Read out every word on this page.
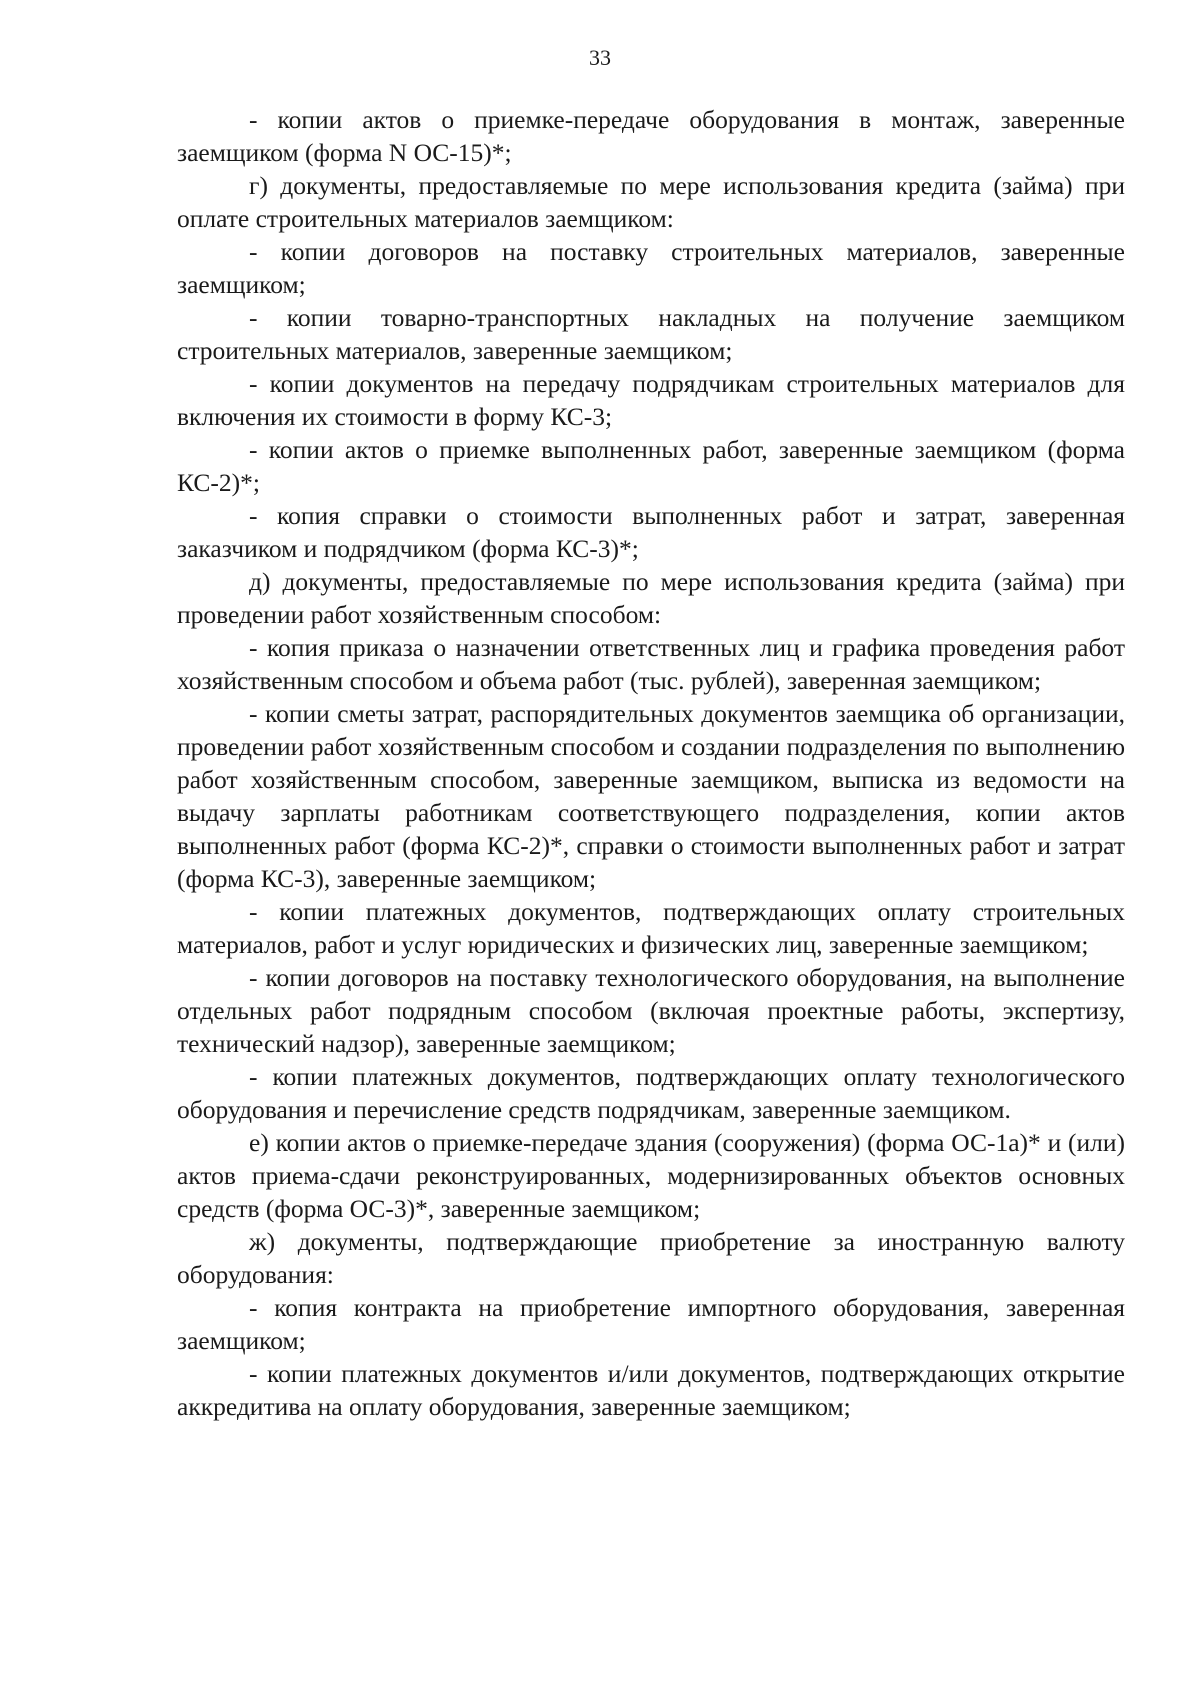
33

- копии актов о приемке-передаче оборудования в монтаж, заверенные заемщиком (форма N ОС-15)*;

г) документы, предоставляемые по мере использования кредита (займа) при оплате строительных материалов заемщиком:

- копии договоров на поставку строительных материалов, заверенные заемщиком;

- копии товарно-транспортных накладных на получение заемщиком строительных материалов, заверенные заемщиком;

- копии документов на передачу подрядчикам строительных материалов для включения их стоимости в форму КС-3;

- копии актов о приемке выполненных работ, заверенные заемщиком (форма КС-2)*;

- копия справки о стоимости выполненных работ и затрат, заверенная заказчиком и подрядчиком (форма КС-3)*;

д) документы, предоставляемые по мере использования кредита (займа) при проведении работ хозяйственным способом:

- копия приказа о назначении ответственных лиц и графика проведения работ хозяйственным способом и объема работ (тыс. рублей), заверенная заемщиком;

- копии сметы затрат, распорядительных документов заемщика об организации, проведении работ хозяйственным способом и создании подразделения по выполнению работ хозяйственным способом, заверенные заемщиком, выписка из ведомости на выдачу зарплаты работникам соответствующего подразделения, копии актов выполненных работ (форма КС-2)*, справки о стоимости выполненных работ и затрат (форма КС-3), заверенные заемщиком;

- копии платежных документов, подтверждающих оплату строительных материалов, работ и услуг юридических и физических лиц, заверенные заемщиком;

- копии договоров на поставку технологического оборудования, на выполнение отдельных работ подрядным способом (включая проектные работы, экспертизу, технический надзор), заверенные заемщиком;

- копии платежных документов, подтверждающих оплату технологического оборудования и перечисление средств подрядчикам, заверенные заемщиком.

е) копии актов о приемке-передаче здания (сооружения) (форма ОС-1а)* и (или) актов приема-сдачи реконструированных, модернизированных объектов основных средств (форма ОС-3)*, заверенные заемщиком;

ж) документы, подтверждающие приобретение за иностранную валюту оборудования:

- копия контракта на приобретение импортного оборудования, заверенная заемщиком;

- копии платежных документов и/или документов, подтверждающих открытие аккредитива на оплату оборудования, заверенные заемщиком;
